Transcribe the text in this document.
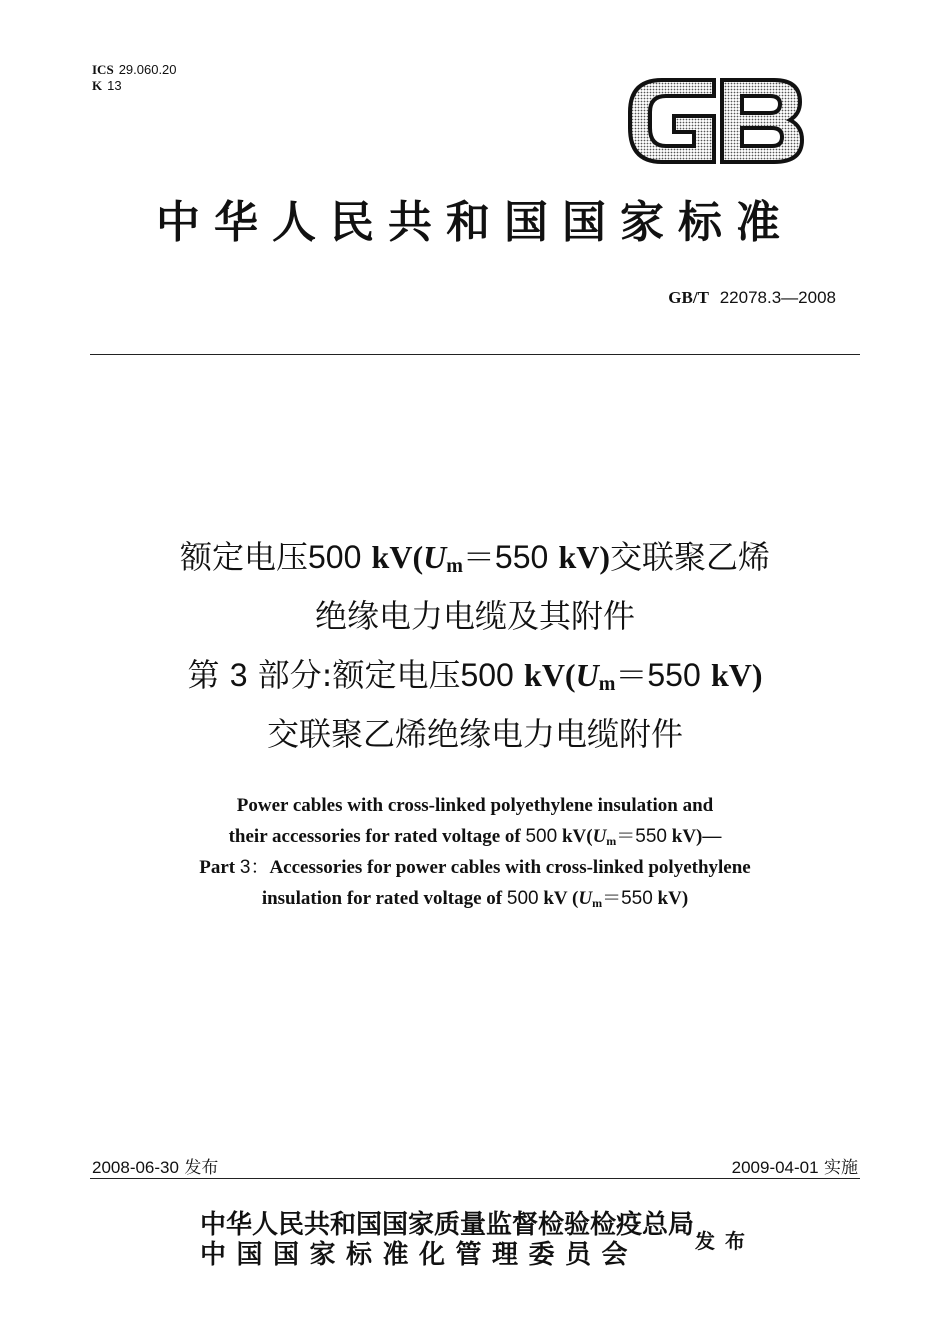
ICS 29.060.20
K 13
中华人民共和国国家标准
GB/T 22078.3—2008
额定电压500 $kV(U_m=550$ kV)交联聚乙烯
绝缘电力电缆及其附件
第 3 部分:额定电压500 $kV(U_m=550$ kV)
交联聚乙烯绝缘电力电缆附件
Power cables with cross-linked polyethylene insulation and
their accessories for rated voltage of 500 $kV(U_m=550$ kV)—
Part 3：Accessories for power cables with cross-linked polyethylene
insulation for rated voltage of 500 kV ($U_m=550$ kV)
2008-06-30 发布	2009-04-01 实施
中华人民共和国国家质量监督检验检疫总局
中国国家标准化管理委员会	发布
